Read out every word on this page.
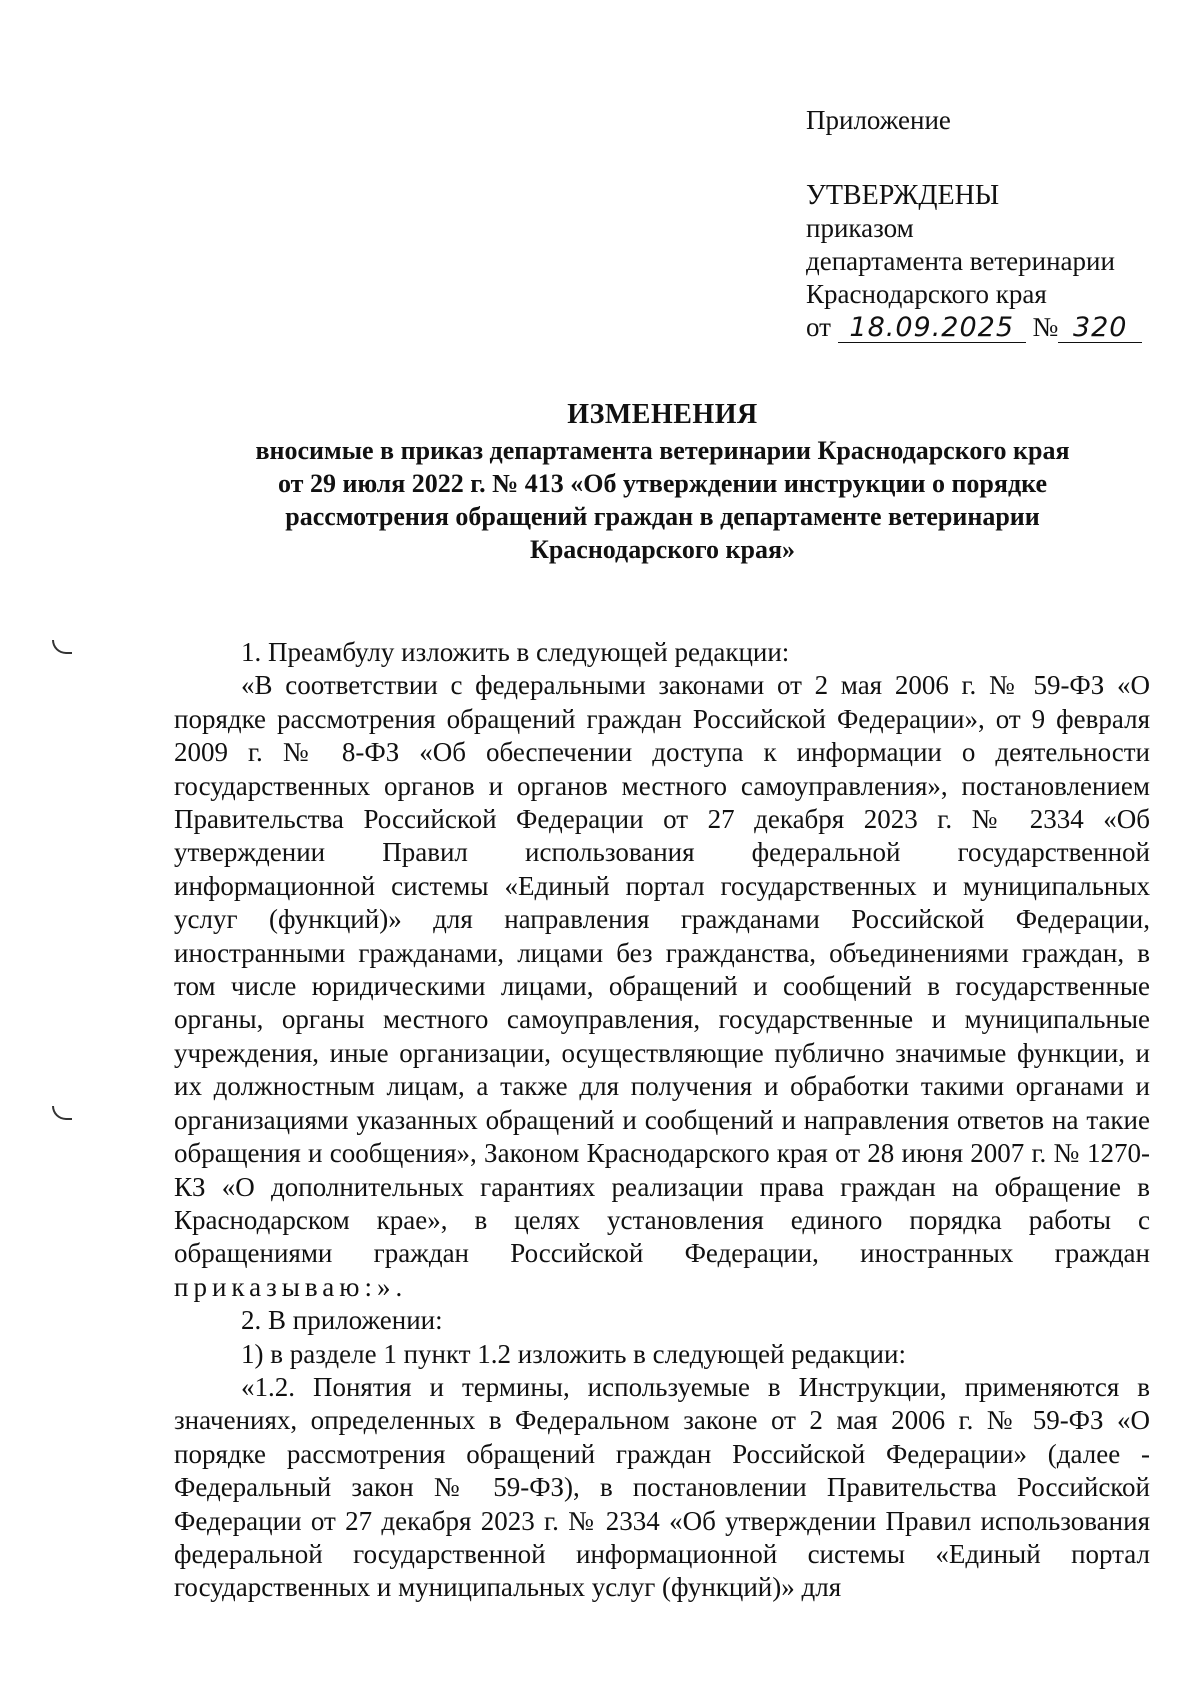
Приложение

УТВЕРЖДЕНЫ

приказом

департамента ветеринарии

Краснодарского края

от 18.09.2025 № 320

ИЗМЕНЕНИЯ

вносимые в приказ департамента ветеринарии Краснодарского края от 29 июля 2022 г. № 413 «Об утверждении инструкции о порядке рассмотрения обращений граждан в департаменте ветеринарии Краснодарского края»

1. Преамбулу изложить в следующей редакции:

«В соответствии с федеральными законами от 2 мая 2006 г. № 59-ФЗ «О порядке рассмотрения обращений граждан Российской Федерации», от 9 февраля 2009 г. № 8-ФЗ «Об обеспечении доступа к информации о деятельности государственных органов и органов местного самоуправления», постановлением Правительства Российской Федерации от 27 декабря 2023 г. № 2334 «Об утверждении Правил использования федеральной государственной информационной системы «Единый портал государственных и муниципальных услуг (функций)» для направления гражданами Российской Федерации, иностранными гражданами, лицами без гражданства, объединениями граждан, в том числе юридическими лицами, обращений и сообщений в государственные органы, органы местного самоуправления, государственные и муниципальные учреждения, иные организации, осуществляющие публично значимые функции, и их должностным лицам, а также для получения и обработки такими органами и организациями указанных обращений и сообщений и направления ответов на такие обращения и сообщения», Законом Краснодарского края от 28 июня 2007 г. № 1270-КЗ «О дополнительных гарантиях реализации права граждан на обращение в Краснодарском крае», в целях установления единого порядка работы с обращениями граждан Российской Федерации, иностранных граждан приказываю:».

2. В приложении:

1) в разделе 1 пункт 1.2 изложить в следующей редакции:

«1.2. Понятия и термины, используемые в Инструкции, применяются в значениях, определенных в Федеральном законе от 2 мая 2006 г. № 59-ФЗ «О порядке рассмотрения обращений граждан Российской Федерации» (далее - Федеральный закон № 59-ФЗ), в постановлении Правительства Российской Федерации от 27 декабря 2023 г. № 2334 «Об утверждении Правил использования федеральной государственной информационной системы «Единый портал государственных и муниципальных услуг (функций)» для
